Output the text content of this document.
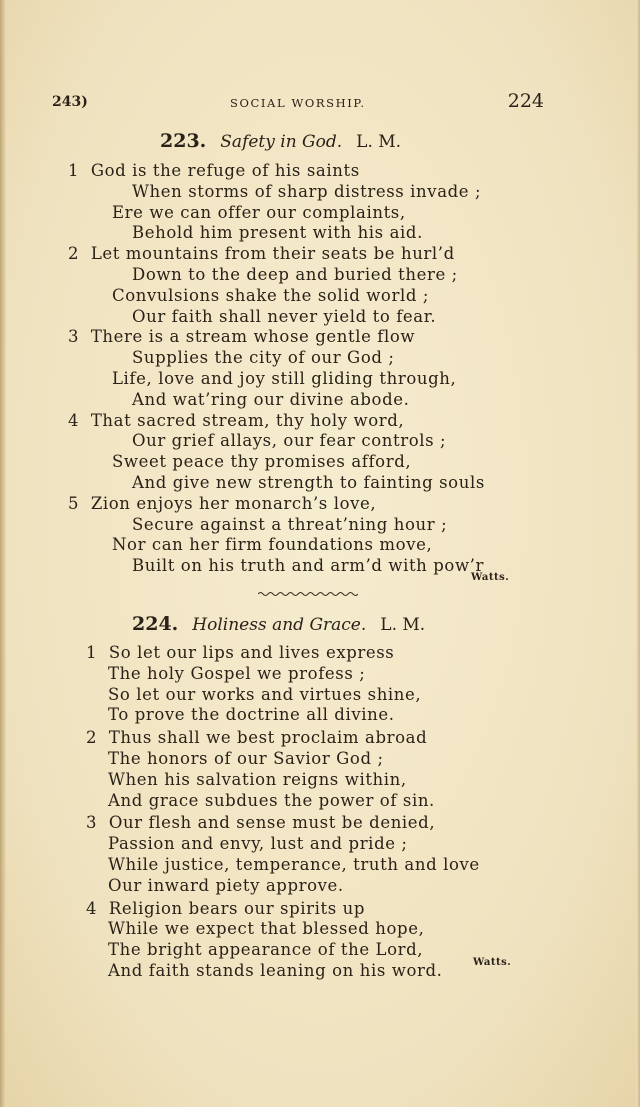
243)	SOCIAL WORSHIP.	224
223. Safety in God. L. M.
1 God is the refuge of his saints
When storms of sharp distress invade ;
Ere we can offer our complaints,
Behold him present with his aid.
2 Let mountains from their seats be hurl’d
Down to the deep and buried there ;
Convulsions shake the solid world ;
Our faith shall never yield to fear.
3 There is a stream whose gentle flow
Supplies the city of our God ;
Life, love and joy still gliding through,
And wat’ring our divine abode.
4 That sacred stream, thy holy word,
Our grief allays, our fear controls ;
Sweet peace thy promises afford,
And give new strength to fainting souls
5 Zion enjoys her monarch’s love,
Secure against a threat’ning hour ;
Nor can her firm foundations move,
Built on his truth and arm’d with pow’r
Watts.
224. Holiness and Grace. L. M.
1 So let our lips and lives express
The holy Gospel we profess ;
So let our works and virtues shine,
To prove the doctrine all divine.
2 Thus shall we best proclaim abroad
The honors of our Savior God ;
When his salvation reigns within,
And grace subdues the power of sin.
3 Our flesh and sense must be denied,
Passion and envy, lust and pride ;
While justice, temperance, truth and love
Our inward piety approve.
4 Religion bears our spirits up
While we expect that blessed hope,
The bright appearance of the Lord,
And faith stands leaning on his word.	Watts.
